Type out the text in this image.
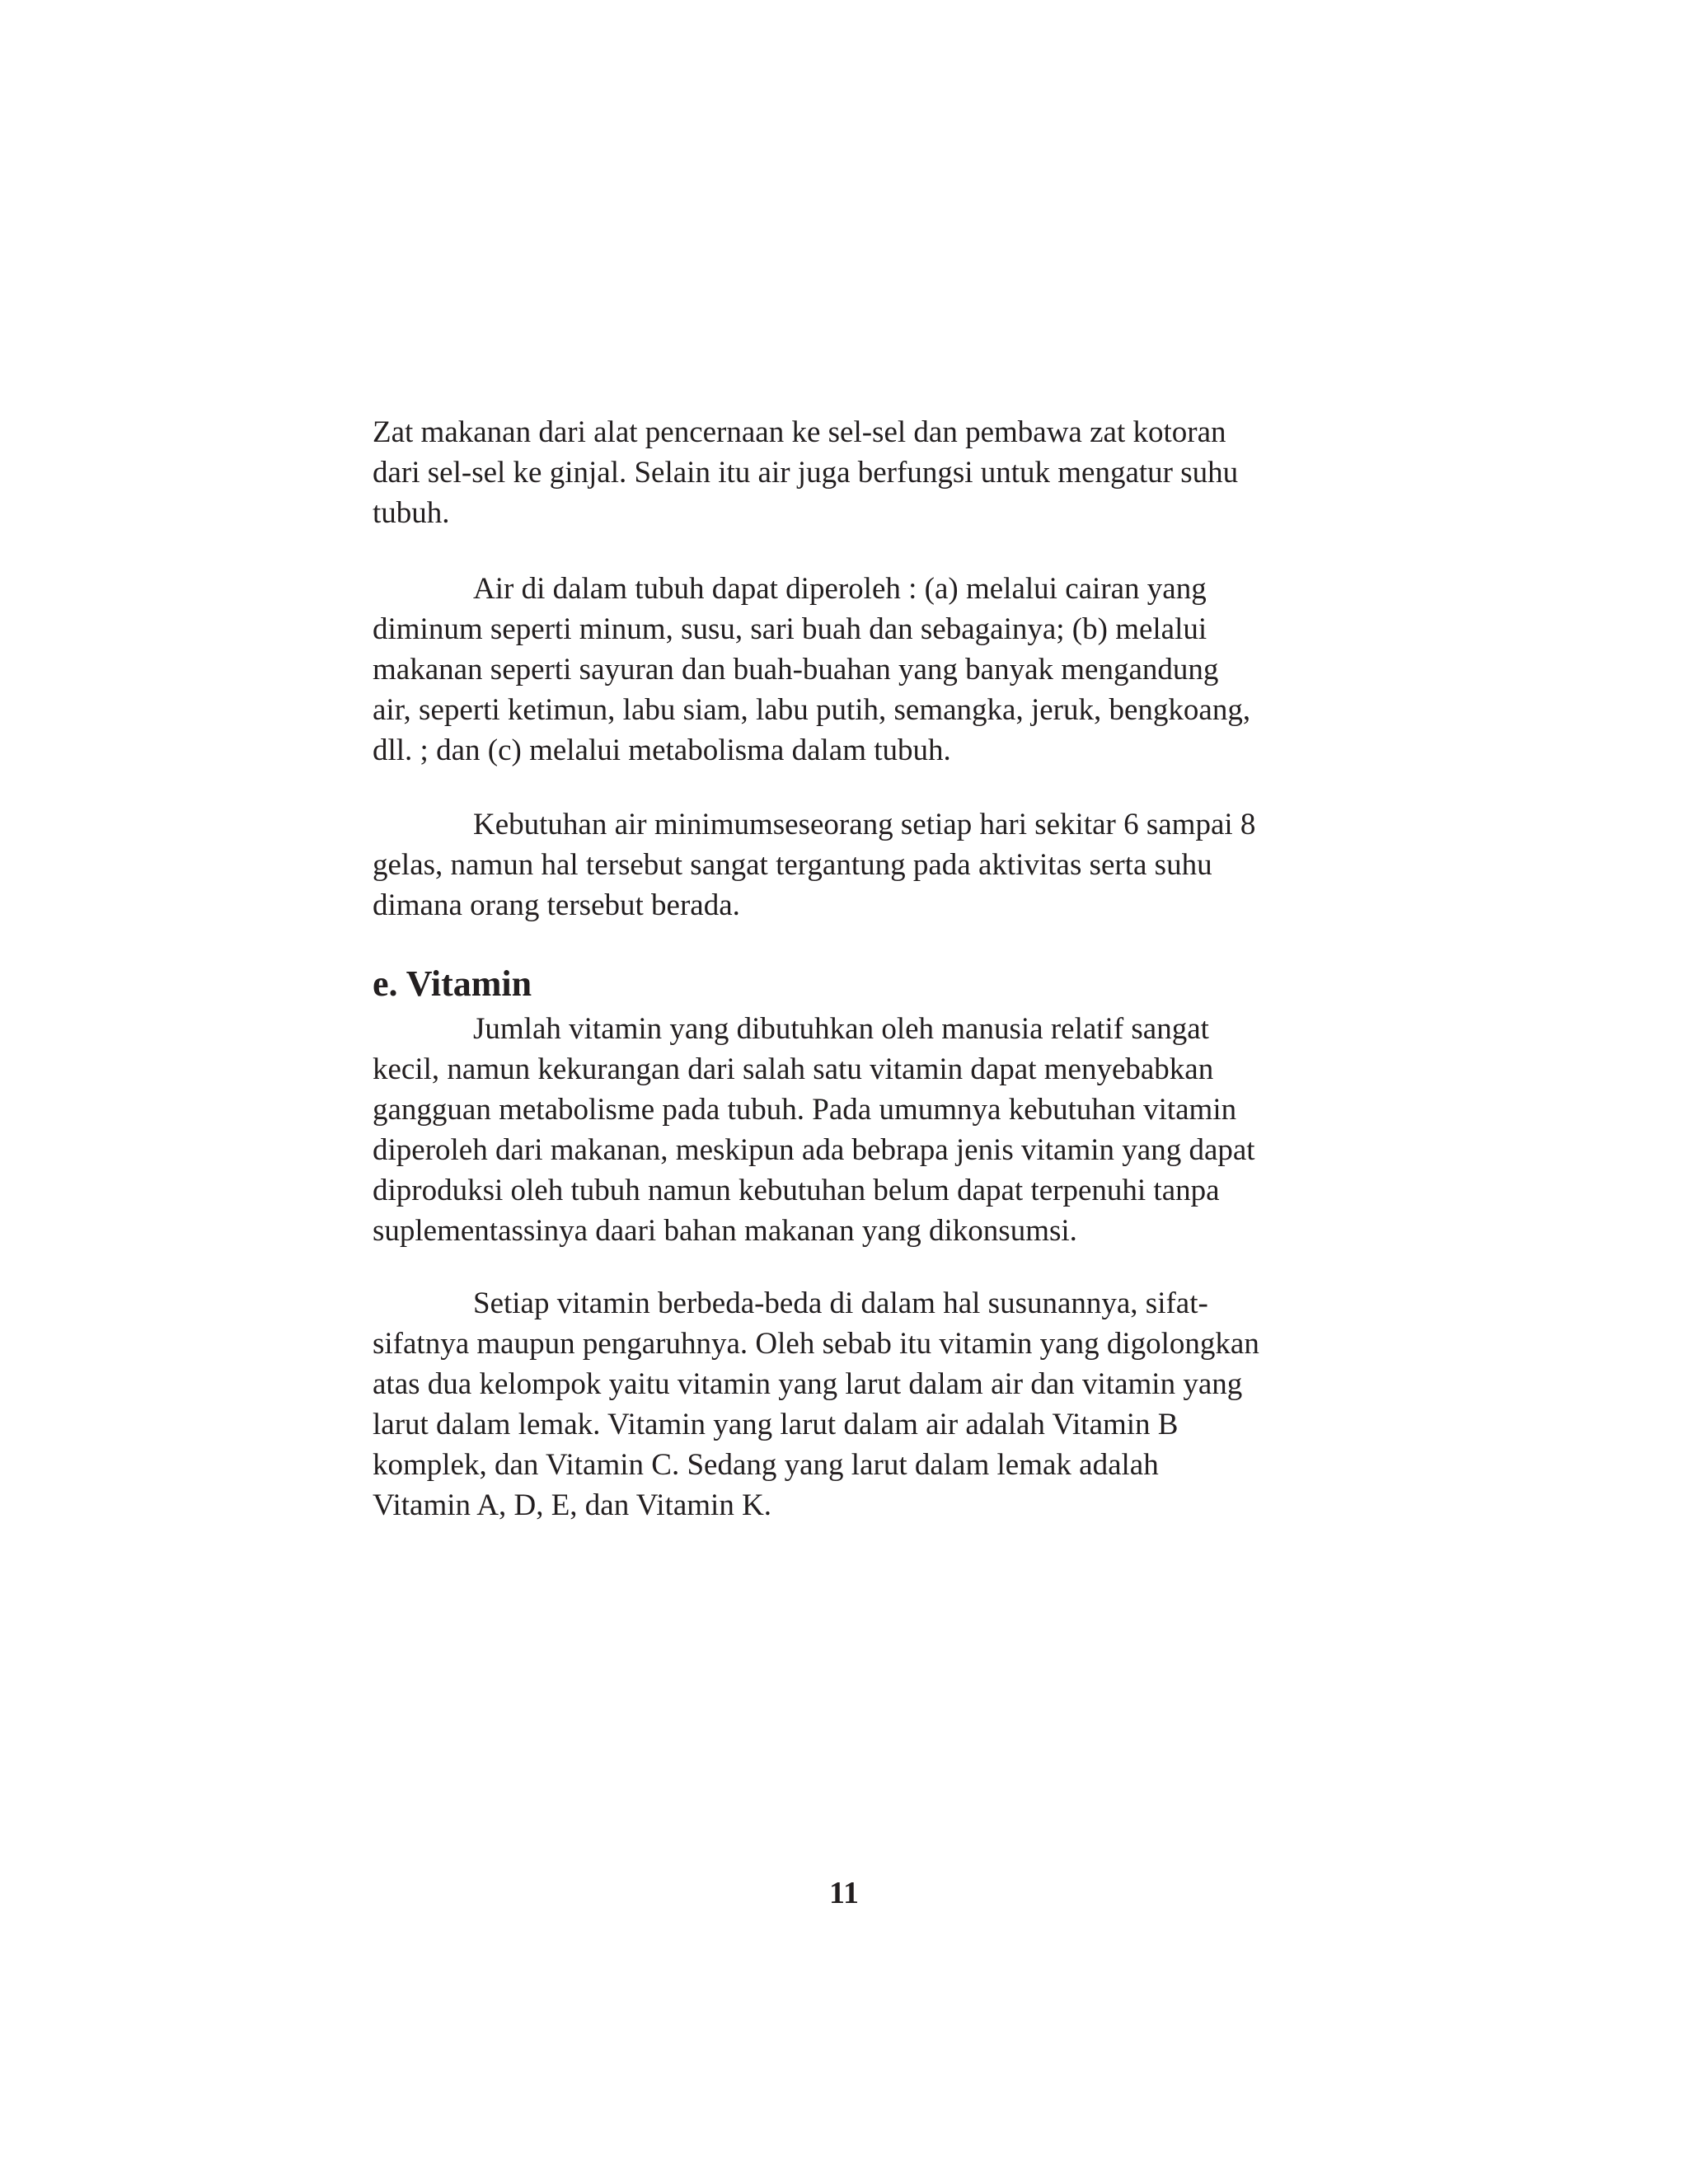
Zat makanan dari alat pencernaan ke sel-sel dan pembawa zat kotoran
dari sel-sel ke ginjal. Selain itu air juga berfungsi untuk mengatur suhu
tubuh.

Air di dalam tubuh dapat diperoleh : (a) melalui cairan yang
diminum seperti minum, susu, sari buah dan sebagainya; (b) melalui
makanan seperti sayuran dan buah-buahan yang banyak mengandung
air, seperti ketimun, labu siam, labu putih, semangka, jeruk, bengkoang,
dll. ; dan (c) melalui metabolisma dalam tubuh.

Kebutuhan air minimumseseorang setiap hari sekitar 6 sampai 8
gelas, namun hal tersebut sangat tergantung pada aktivitas serta suhu
dimana orang tersebut berada.

e. Vitamin

Jumlah vitamin yang dibutuhkan oleh manusia relatif sangat
kecil, namun kekurangan dari salah satu vitamin dapat menyebabkan
gangguan metabolisme pada tubuh. Pada umumnya kebutuhan vitamin
diperoleh dari makanan, meskipun ada bebrapa jenis vitamin yang dapat
diproduksi oleh tubuh namun kebutuhan belum dapat terpenuhi tanpa
suplementassinya daari bahan makanan yang dikonsumsi.

Setiap vitamin berbeda-beda di dalam hal susunannya, sifat-
sifatnya maupun pengaruhnya. Oleh sebab itu vitamin yang digolongkan
atas dua kelompok yaitu vitamin yang larut dalam air dan vitamin yang
larut dalam lemak. Vitamin yang larut dalam air adalah Vitamin B
komplek, dan Vitamin C. Sedang yang larut dalam lemak adalah
Vitamin A, D, E, dan Vitamin K.

11
